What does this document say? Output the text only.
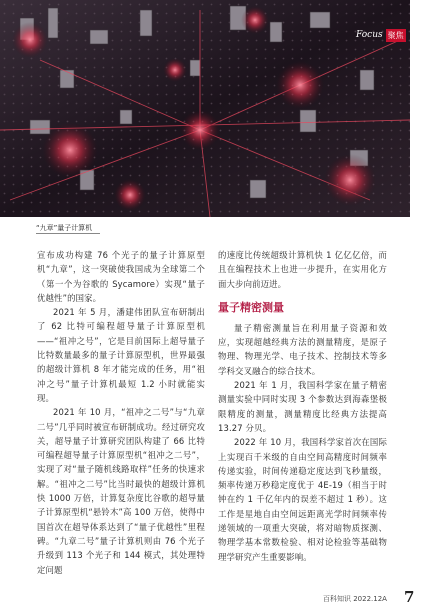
Focus 聚焦
“九章”量子计算机

宣布成功构建 76 个光子的量子计算原型机“九章”，这一突破使我国成为全球第二个（第一个为谷歌的 Sycamore）实现“量子优越性”的国家。

2021 年 5 月，潘建伟团队宣布研制出了 62 比特可编程超导量子计算原型机——“祖冲之号”，它是目前国际上超导量子比特数量最多的量子计算原型机，世界最强的超级计算机 8 年才能完成的任务，用“祖冲之号”量子计算机最短 1.2 小时就能实现。

2021 年 10 月，“祖冲之二号”与“九章二号”几乎同时被宣布研制成功。经过研究攻关，超导量子计算研究团队构建了 66 比特可编程超导量子计算原型机“祖冲之二号”，实现了对“量子随机线路取样”任务的快速求解。“祖冲之二号”比当时最快的超级计算机快 1000 万倍，计算复杂度比谷歌的超导量子计算原型机“悬铃木”高 100 万倍，使得中国首次在超导体系达到了“量子优越性”里程碑。“九章二号”量子计算机则由 76 个光子升级到 113 个光子和 144 模式，其处理特定问题

的速度比传统超级计算机快 1 亿亿亿倍，而且在编程技术上也进一步提升，在实用化方面大步向前迈进。

量子精密测量

量子精密测量旨在利用量子资源和效应，实现超越经典方法的测量精度，是原子物理、物理光学、电子技术、控制技术等多学科交叉融合的综合技术。

2021 年 1 月，我国科学家在量子精密测量实验中同时实现 3 个参数达到海森堡极限精度的测量，测量精度比经典方法提高 13.27 分贝。

2022 年 10 月，我国科学家首次在国际上实现百千米级的自由空间高精度时间频率传递实验，时间传递稳定度达到飞秒量级，频率传递万秒稳定度优于 4E-19（相当于时钟在约 1 千亿年内的误差不超过 1 秒）。这工作是星地自由空间远距离光学时间频率传递领域的一项重大突破，将对暗物质探测、物理学基本常数检验、相对论检验等基础物理学研究产生重要影响。

百科知识 2022.12A 7
